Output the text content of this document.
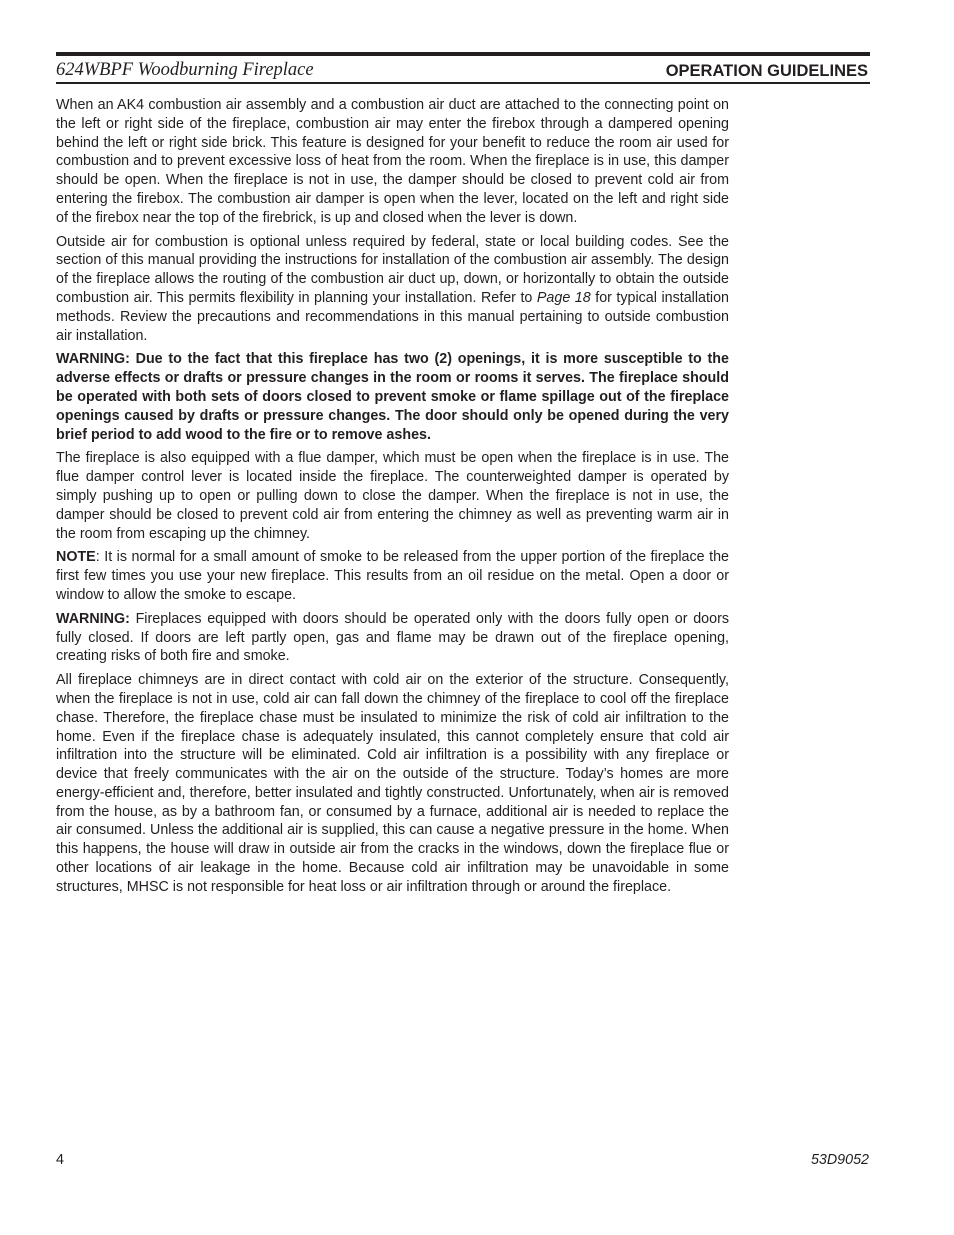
624WBPF Woodburning Fireplace	OPERATION GUIDELINES

When an AK4 combustion air assembly and a combustion air duct are attached to the connecting point on the left or right side of the fireplace, combustion air may enter the firebox through a dampered opening behind the left or right side brick. This feature is designed for your benefit to reduce the room air used for combustion and to prevent excessive loss of heat from the room. When the fireplace is in use, this damper should be open. When the fireplace is not in use, the damper should be closed to prevent cold air from entering the firebox. The combustion air damper is open when the lever, located on the left and right side of the firebox near the top of the firebrick, is up and closed when the lever is down.

Outside air for combustion is optional unless required by federal, state or local building codes. See the section of this manual providing the instructions for installation of the combustion air assembly. The design of the fireplace allows the routing of the combustion air duct up, down, or horizontally to obtain the outside combustion air. This permits flexibility in planning your installation. Refer to Page 18 for typical installation methods. Review the precautions and recommendations in this manual pertaining to outside combustion air installation.

WARNING: Due to the fact that this fireplace has two (2) openings, it is more susceptible to the adverse effects or drafts or pressure changes in the room or rooms it serves. The fireplace should be operated with both sets of doors closed to prevent smoke or flame spillage out of the fireplace openings caused by drafts or pressure changes. The door should only be opened during the very brief period to add wood to the fire or to remove ashes.

The fireplace is also equipped with a flue damper, which must be open when the fireplace is in use. The flue damper control lever is located inside the fireplace. The counterweighted damper is operated by simply pushing up to open or pulling down to close the damper. When the fireplace is not in use, the damper should be closed to prevent cold air from entering the chimney as well as preventing warm air in the room from escaping up the chimney.

NOTE: It is normal for a small amount of smoke to be released from the upper portion of the fireplace the first few times you use your new fireplace. This results from an oil residue on the metal. Open a door or window to allow the smoke to escape.

WARNING: Fireplaces equipped with doors should be operated only with the doors fully open or doors fully closed. If doors are left partly open, gas and flame may be drawn out of the fireplace opening, creating risks of both fire and smoke.

All fireplace chimneys are in direct contact with cold air on the exterior of the structure. Consequently, when the fireplace is not in use, cold air can fall down the chimney of the fireplace to cool off the fireplace chase. Therefore, the fireplace chase must be insulated to minimize the risk of cold air infiltration to the home. Even if the fireplace chase is adequately insulated, this cannot completely ensure that cold air infiltration into the structure will be eliminated. Cold air infiltration is a possibility with any fireplace or device that freely communicates with the air on the outside of the structure. Today’s homes are more energy-efficient and, therefore, better insulated and tightly constructed. Unfortunately, when air is removed from the house, as by a bathroom fan, or consumed by a furnace, additional air is needed to replace the air consumed. Unless the additional air is supplied, this can cause a negative pressure in the home. When this happens, the house will draw in outside air from the cracks in the windows, down the fireplace flue or other locations of air leakage in the home. Because cold air infiltration may be unavoidable in some structures, MHSC is not responsible for heat loss or air infiltration through or around the fireplace.

4	53D9052
